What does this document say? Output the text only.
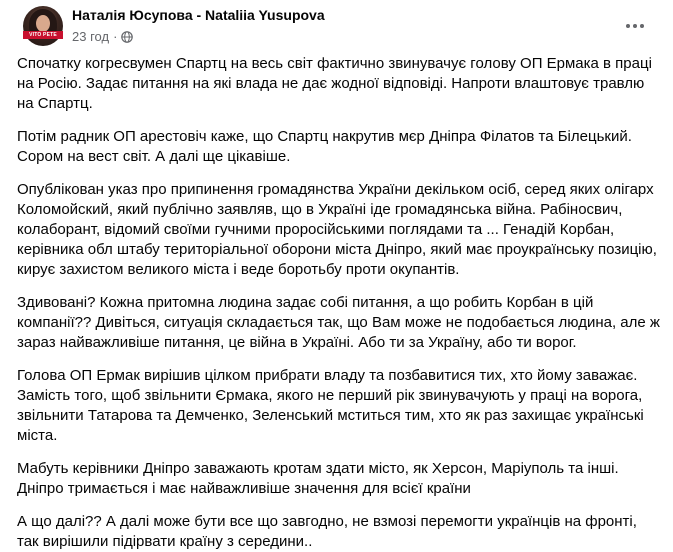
VITO PETE
Наталія Юсупова - Nataliia Yusupova
23 год ·

Спочатку когресвумен Спартц на весь світ фактично звинувачує голову ОП Ермака в праці на Росію. Задає питання на які влада не дає жодної відповіді. Напроти влаштовує травлю на Спартц.

Потім радник ОП арестовіч каже, що Спартц накрутив мєр Дніпра Філатов та Білецький. Сором на вест світ. А далі ще цікавіше.

Опублікован указ про припинення громадянства України декільком осіб, серед яких олігарх Коломойский, який публічно заявляв, що в Україні іде громадянська війна. Рабіносвич, колаборант, відомий своїми гучними проросійськими поглядами та ... Генадій Корбан, керівника обл штабу територіальної оборони міста Дніпро, який має проукраїнську позицію, кирує захистом великого міста і веде боротьбу проти окупантів.

Здивовані? Кожна притомна людина задає собі питання, а що робить Корбан в цій компанії?? Дивіться, ситуація складається так, що Вам може не подобається людина, але ж зараз найважливіше питання, це війна в Україні. Або ти за Україну, або ти ворог.

Голова ОП Ермак вирішив цілком прибрати владу та позбавитися тих, хто йому заважає. Замість того, щоб звільнити Єрмака, якого не перший рік звинувачують у праці на ворога, звільнити Татарова та Демченко, Зеленський мститься тим, хто як раз захищає українські міста.

Мабуть керівники Дніпро заважають кротам здати місто, як Херсон, Маріуполь та інші. Дніпро тримається і має найважливіше значення для всієї країни

А що далі?? А далі може бути все що завгодно, не взмозі перемогти українців на фронті, так вирішили підірвати країну з середини..
